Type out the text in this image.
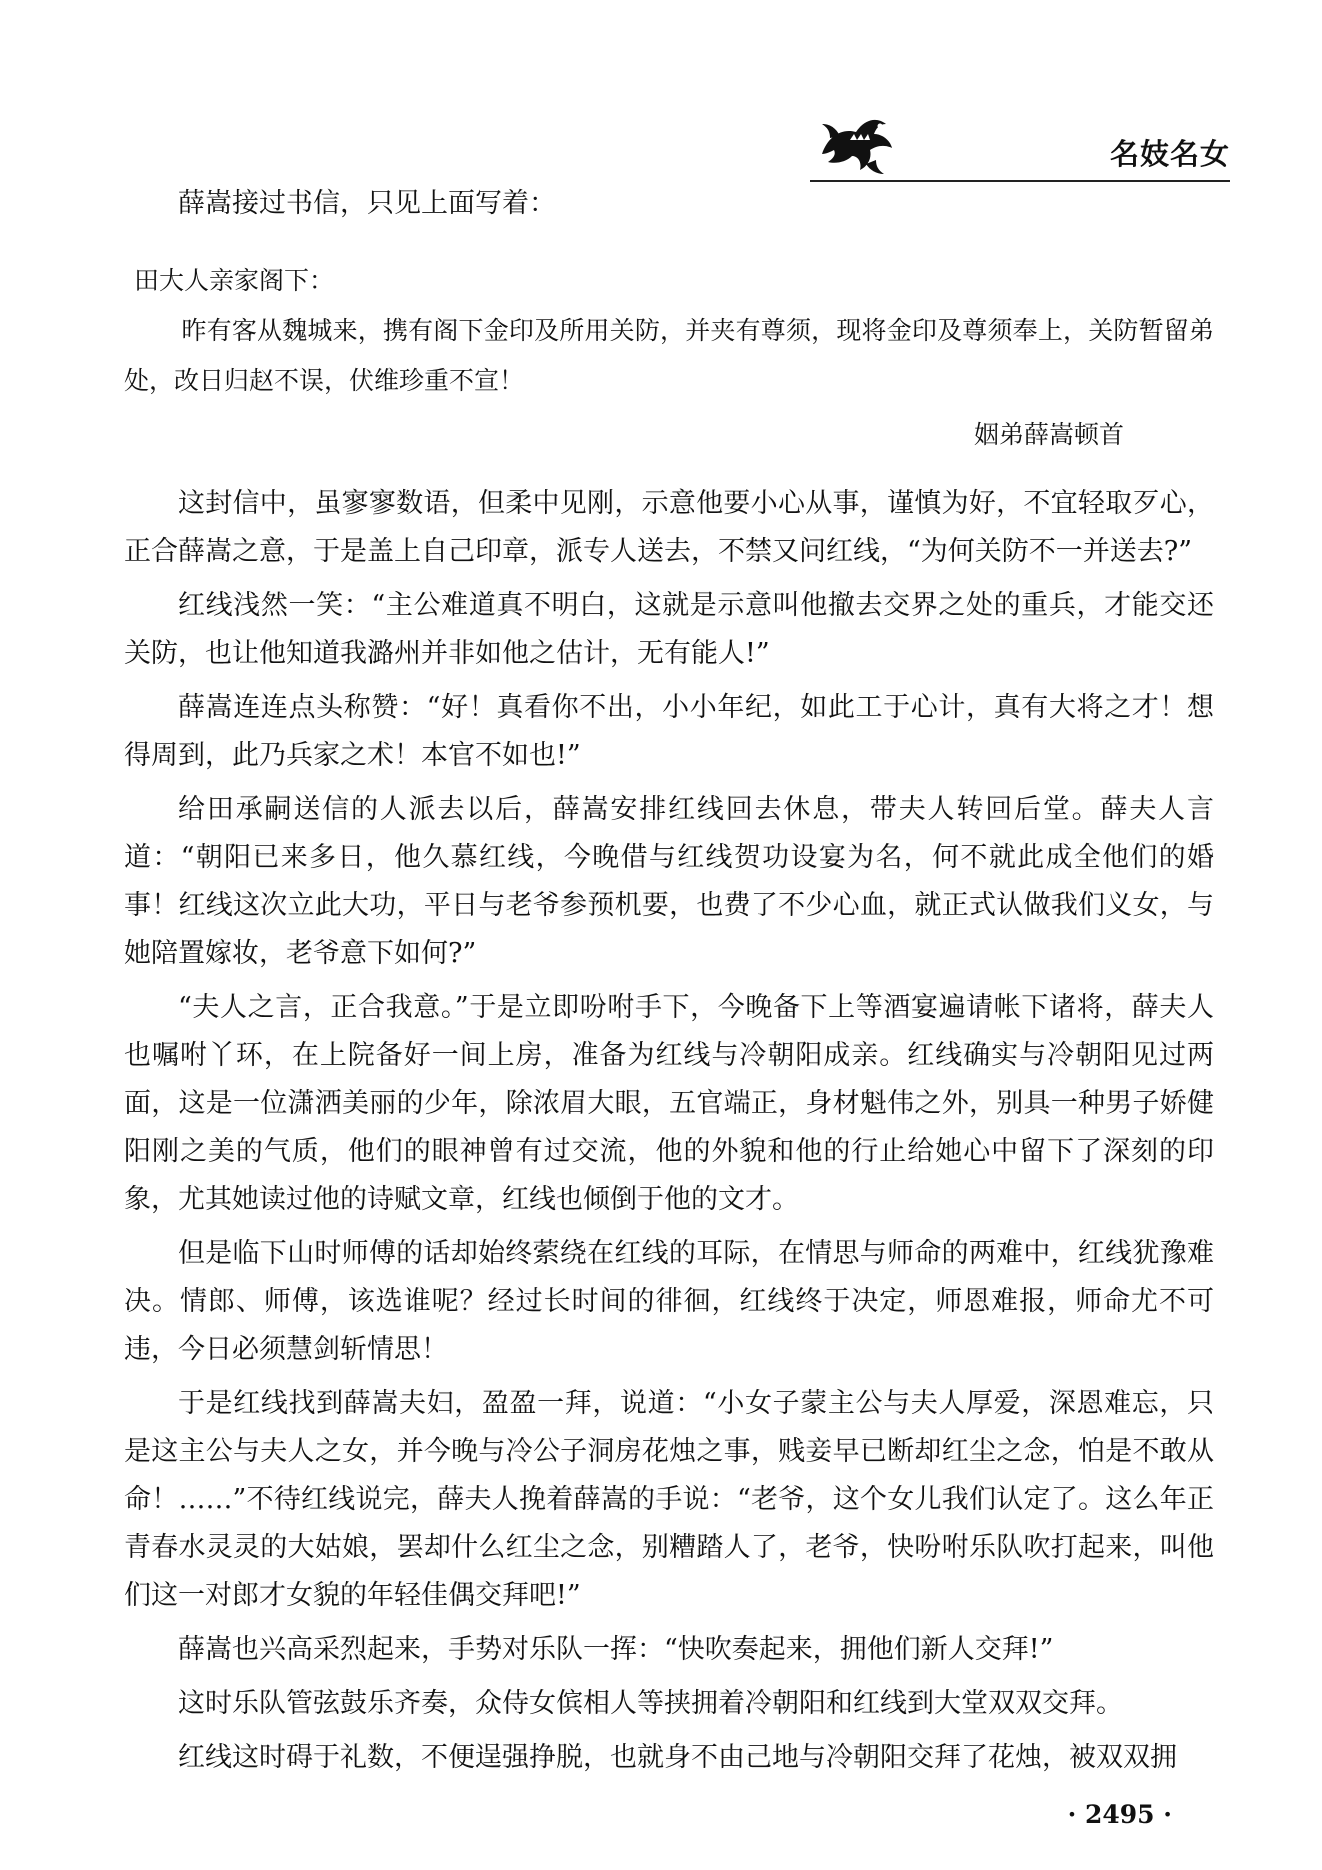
名妓名女

薛嵩接过书信，只见上面写着：

田大人亲家阁下：

昨有客从魏城来，携有阁下金印及所用关防，并夹有尊须，现将金印及尊须奉上，关防暂留弟处，改日归赵不误，伏维珍重不宣！

姻弟薛嵩顿首

这封信中，虽寥寥数语，但柔中见刚，示意他要小心从事，谨慎为好，不宜轻取歹心，正合薛嵩之意，于是盖上自己印章，派专人送去，不禁又问红线，“为何关防不一并送去?”

红线浅然一笑：“主公难道真不明白，这就是示意叫他撤去交界之处的重兵，才能交还关防，也让他知道我潞州并非如他之估计，无有能人!”

薛嵩连连点头称赞：“好！真看你不出，小小年纪，如此工于心计，真有大将之才！想得周到，此乃兵家之术！本官不如也!”

给田承嗣送信的人派去以后，薛嵩安排红线回去休息，带夫人转回后堂。薛夫人言道：“朝阳已来多日，他久慕红线，今晚借与红线贺功设宴为名，何不就此成全他们的婚事！红线这次立此大功，平日与老爷参预机要，也费了不少心血，就正式认做我们义女，与她陪置嫁妆，老爷意下如何?”

“夫人之言，正合我意。”于是立即吩咐手下，今晚备下上等酒宴遍请帐下诸将，薛夫人也嘱咐丫环，在上院备好一间上房，准备为红线与冷朝阳成亲。红线确实与冷朝阳见过两面，这是一位潇洒美丽的少年，除浓眉大眼，五官端正，身材魁伟之外，别具一种男子娇健阳刚之美的气质，他们的眼神曾有过交流，他的外貌和他的行止给她心中留下了深刻的印象，尤其她读过他的诗赋文章，红线也倾倒于他的文才。

但是临下山时师傅的话却始终萦绕在红线的耳际，在情思与师命的两难中，红线犹豫难决。情郎、师傅，该选谁呢？经过长时间的徘徊，红线终于决定，师恩难报，师命尤不可违，今日必须慧剑斩情思！

于是红线找到薛嵩夫妇，盈盈一拜，说道：“小女子蒙主公与夫人厚爱，深恩难忘，只是这主公与夫人之女，并今晚与冷公子洞房花烛之事，贱妾早已断却红尘之念，怕是不敢从命！……”不待红线说完，薛夫人挽着薛嵩的手说：“老爷，这个女儿我们认定了。这么年正青春水灵灵的大姑娘，罢却什么红尘之念，别糟踏人了，老爷，快吩咐乐队吹打起来，叫他们这一对郎才女貌的年轻佳偶交拜吧!”

薛嵩也兴高采烈起来，手势对乐队一挥：“快吹奏起来，拥他们新人交拜!”

这时乐队管弦鼓乐齐奏，众侍女傧相人等挟拥着冷朝阳和红线到大堂双双交拜。

红线这时碍于礼数，不便逞强挣脱，也就身不由己地与冷朝阳交拜了花烛，被双双拥

· 2495 ·
